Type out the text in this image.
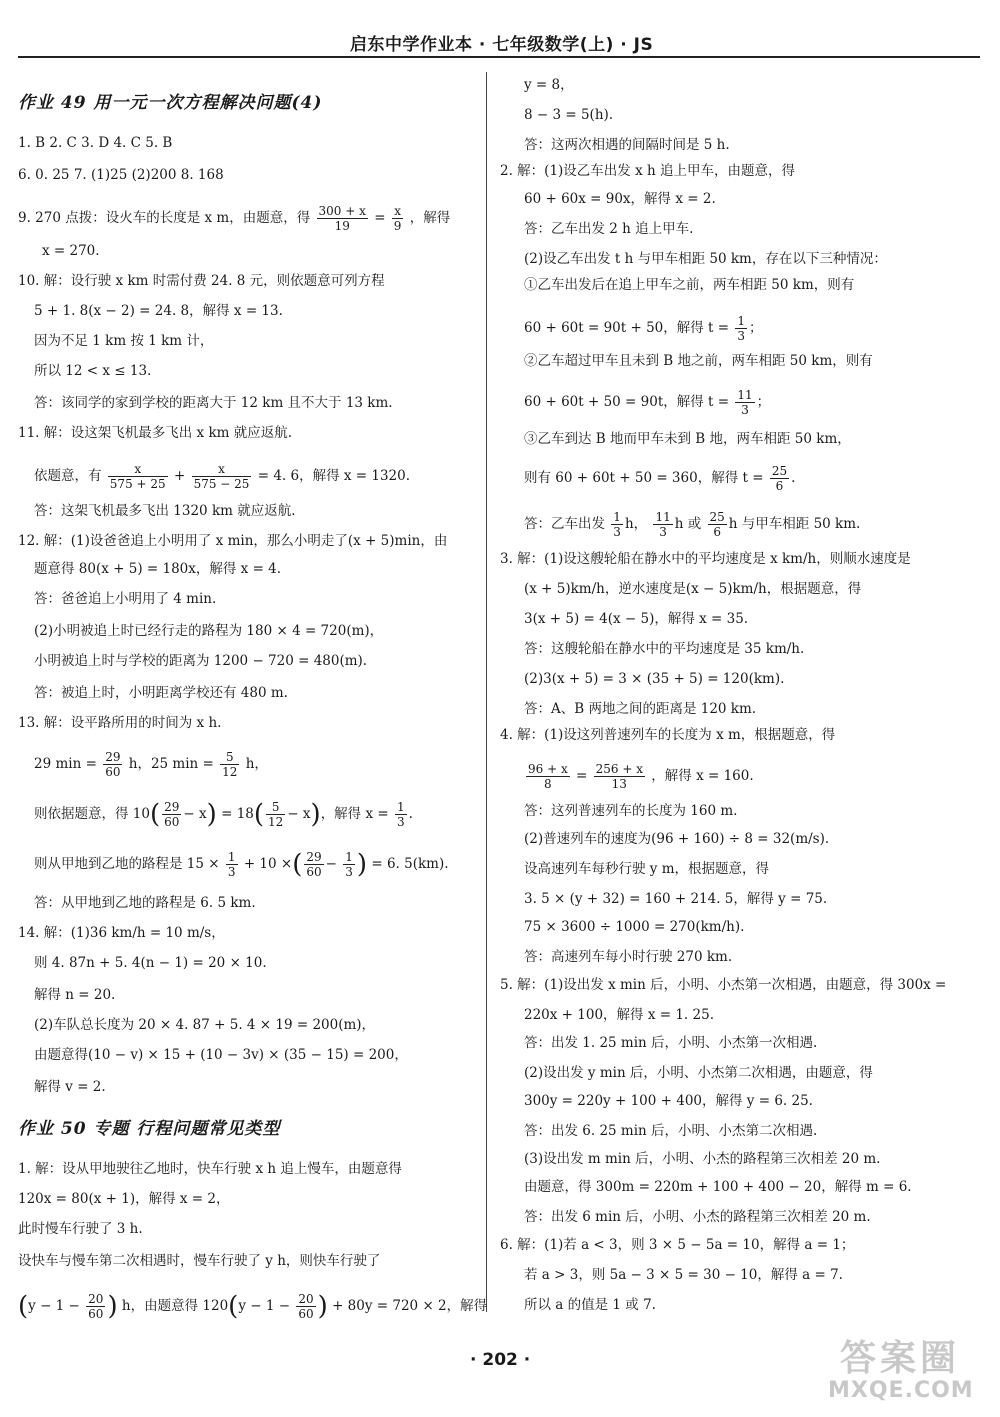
启东中学作业本 · 七年级数学(上) · JS
作业 49 用一元一次方程解决问题(4)
1. B 2. C 3. D 4. C 5. B
6. 0. 25 7. (1)25 (2)200 8. 168
9. 270 点拨：设火车的长度是 x m，由题意，得 $\frac{300 + x}{19} = \frac{x}{9}$ ，解得
x = 270.
10. 解：设行驶 x km 时需付费 24. 8 元，则依题意可列方程
5 + 1. 8(x − 2) = 24. 8，解得 x = 13.
因为不足 1 km 按 1 km 计，
所以 12 < x ≤ 13.
答：该同学的家到学校的距离大于 12 km 且不大于 13 km.
11. 解：设这架飞机最多飞出 x km 就应返航.
依题意，有 $\frac{x}{575 + 25} + \frac{x}{575 - 25} = 4$. 6，解得 x = 1320.
答：这架飞机最多飞出 1320 km 就应返航.
12. 解：(1)设爸爸追上小明用了 x min，那么小明走了(x + 5)min，由
题意得 80(x + 5) = 180x，解得 x = 4.
答：爸爸追上小明用了 4 min.
(2)小明被追上时已经行走的路程为 180 × 4 = 720(m)，
小明被追上时与学校的距离为 1200 − 720 = 480(m).
答：被追上时，小明距离学校还有 480 m.
13. 解：设平路所用的时间为 x h.
29 $\min = \frac{29}{60}$ h，25 $\min = \frac{5}{12}$ h，
则依据题意，得 $10( \frac{29}{60} - x) = 18( \frac{5}{12} - x)$，解得 $x = \frac{1}{3}$ .
则从甲地到乙地的路程是 $15 \times \frac{1}{3} + 10$ ×( $\frac{29}{60} - \frac{1}{3}$ ) = 6. 5(km).
答：从甲地到乙地的路程是 6. 5 km.
14. 解：(1)36 km/h = 10 m/s，
则 4. 87n + 5. 4(n − 1) = 20 × 10.
解得 n = 20.
(2)车队总长度为 20 × 4. 87 + 5. 4 × 19 = 200(m)，
由题意得(10 − v) × 15 + (10 − 3v) × (35 − 15) = 200，
解得 v = 2.
作业 50 专题 行程问题常见类型
1. 解：设从甲地驶往乙地时，快车行驶 x h 追上慢车，由题意得
120x = 80(x + 1)，解得 x = 2，
此时慢车行驶了 3 h.
设快车与慢车第二次相遇时，慢车行驶了 y h，则快车行驶了
($y - 1 - \frac{20}{60}$ ) h，由题意得 $120(y - 1 - \frac{20}{60}$ ) + 80y = 720 × 2，解得
y = 8，
8 − 3 = 5(h).
答：这两次相遇的间隔时间是 5 h.
2. 解：(1)设乙车出发 x h 追上甲车，由题意，得
60 + 60x = 90x，解得 x = 2.
答：乙车出发 2 h 追上甲车.
(2)设乙车出发 t h 与甲车相距 50 km，存在以下三种情况：
①乙车出发后在追上甲车之前，两车相距 50 km，则有
60 + 60t = 90t + 50，解得 $t = \frac{1}{3}$ ；
②乙车超过甲车且未到 B 地之前，两车相距 50 km，则有
60 + 60t + 50 = 90t，解得 $t = \frac{11}{3}$ ；
③乙车到达 B 地而甲车未到 B 地，两车相距 50 km，
则有 60 + 60t + 50 = 360，解得 $t = \frac{25}{6}$ .
答：乙车出发 $\frac{1}{3}$ h， $\frac{11}{3}$ h 或 $\frac{25}{6}$ h 与甲车相距 50 km.
3. 解：(1)设这艘轮船在静水中的平均速度是 x km/h，则顺水速度是
(x + 5)km/h，逆水速度是(x − 5)km/h，根据题意，得
3(x + 5) = 4(x − 5)，解得 x = 35.
答：这艘轮船在静水中的平均速度是 35 km/h.
(2)3(x + 5) = 3 × (35 + 5) = 120(km).
答：A、B 两地之间的距离是 120 km.
4. 解：(1)设这列普速列车的长度为 x m，根据题意，得
$\frac{96 + x}{8} = \frac{256 + x}{13}$ ，解得 x = 160.
答：这列普速列车的长度为 160 m.
(2)普速列车的速度为(96 + 160) ÷ 8 = 32(m/s).
设高速列车每秒行驶 y m，根据题意，得
3. 5 × (y + 32) = 160 + 214. 5，解得 y = 75.
75 × 3600 ÷ 1000 = 270(km/h).
答：高速列车每小时行驶 270 km.
5. 解：(1)设出发 x min 后，小明、小杰第一次相遇，由题意，得 300x =
220x + 100，解得 x = 1. 25.
答：出发 1. 25 min 后，小明、小杰第一次相遇.
(2)设出发 y min 后，小明、小杰第二次相遇，由题意，得
300y = 220y + 100 + 400，解得 y = 6. 25.
答：出发 6. 25 min 后，小明、小杰第二次相遇.
(3)设出发 m min 后，小明、小杰的路程第三次相差 20 m.
由题意，得 300m = 220m + 100 + 400 − 20，解得 m = 6.
答：出发 6 min 后，小明、小杰的路程第三次相差 20 m.
6. 解：(1)若 a < 3，则 3 × 5 − 5a = 10，解得 a = 1；
若 a > 3，则 5a − 3 × 5 = 30 − 10，解得 a = 7.
所以 a 的值是 1 或 7.
· 202 ·	答案圈
MXQE.COM
